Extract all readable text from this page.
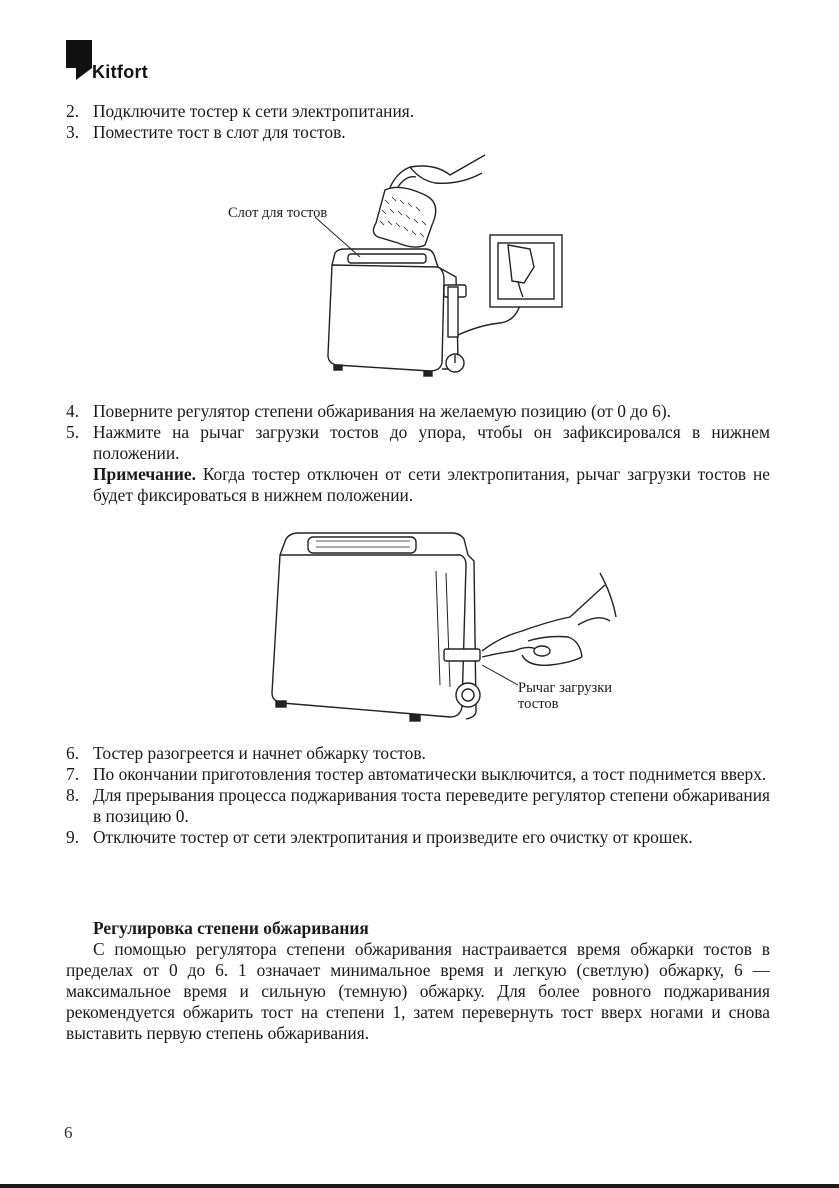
Kitfort
2. Подключите тостер к сети электропитания.
3. Поместите тост в слот для тостов.
Слот для тостов
4. Поверните регулятор степени обжаривания на желаемую позицию (от 0 до 6).
5. Нажмите на рычаг загрузки тостов до упора, чтобы он зафиксировался в нижнем положении.
Примечание. Когда тостер отключен от сети электропитания, рычаг загрузки тостов не будет фиксироваться в нижнем положении.
Рычаг загрузки
тостов
6. Тостер разогреется и начнет обжарку тостов.
7. По окончании приготовления тостер автоматически выключится, а тост поднимется вверх.
8. Для прерывания процесса поджаривания тоста переведите регулятор степени обжаривания в позицию 0.
9. Отключите тостер от сети электропитания и произведите его очистку от крошек.
Регулировка степени обжаривания
С помощью регулятора степени обжаривания настраивается время обжарки тостов в пределах от 0 до 6. 1 означает минимальное время и легкую (светлую) обжарку, 6 — максимальное время и сильную (темную) обжарку. Для более ровного поджаривания рекомендуется обжарить тост на степени 1, затем перевернуть тост вверх ногами и снова выставить первую степень обжаривания.
6
